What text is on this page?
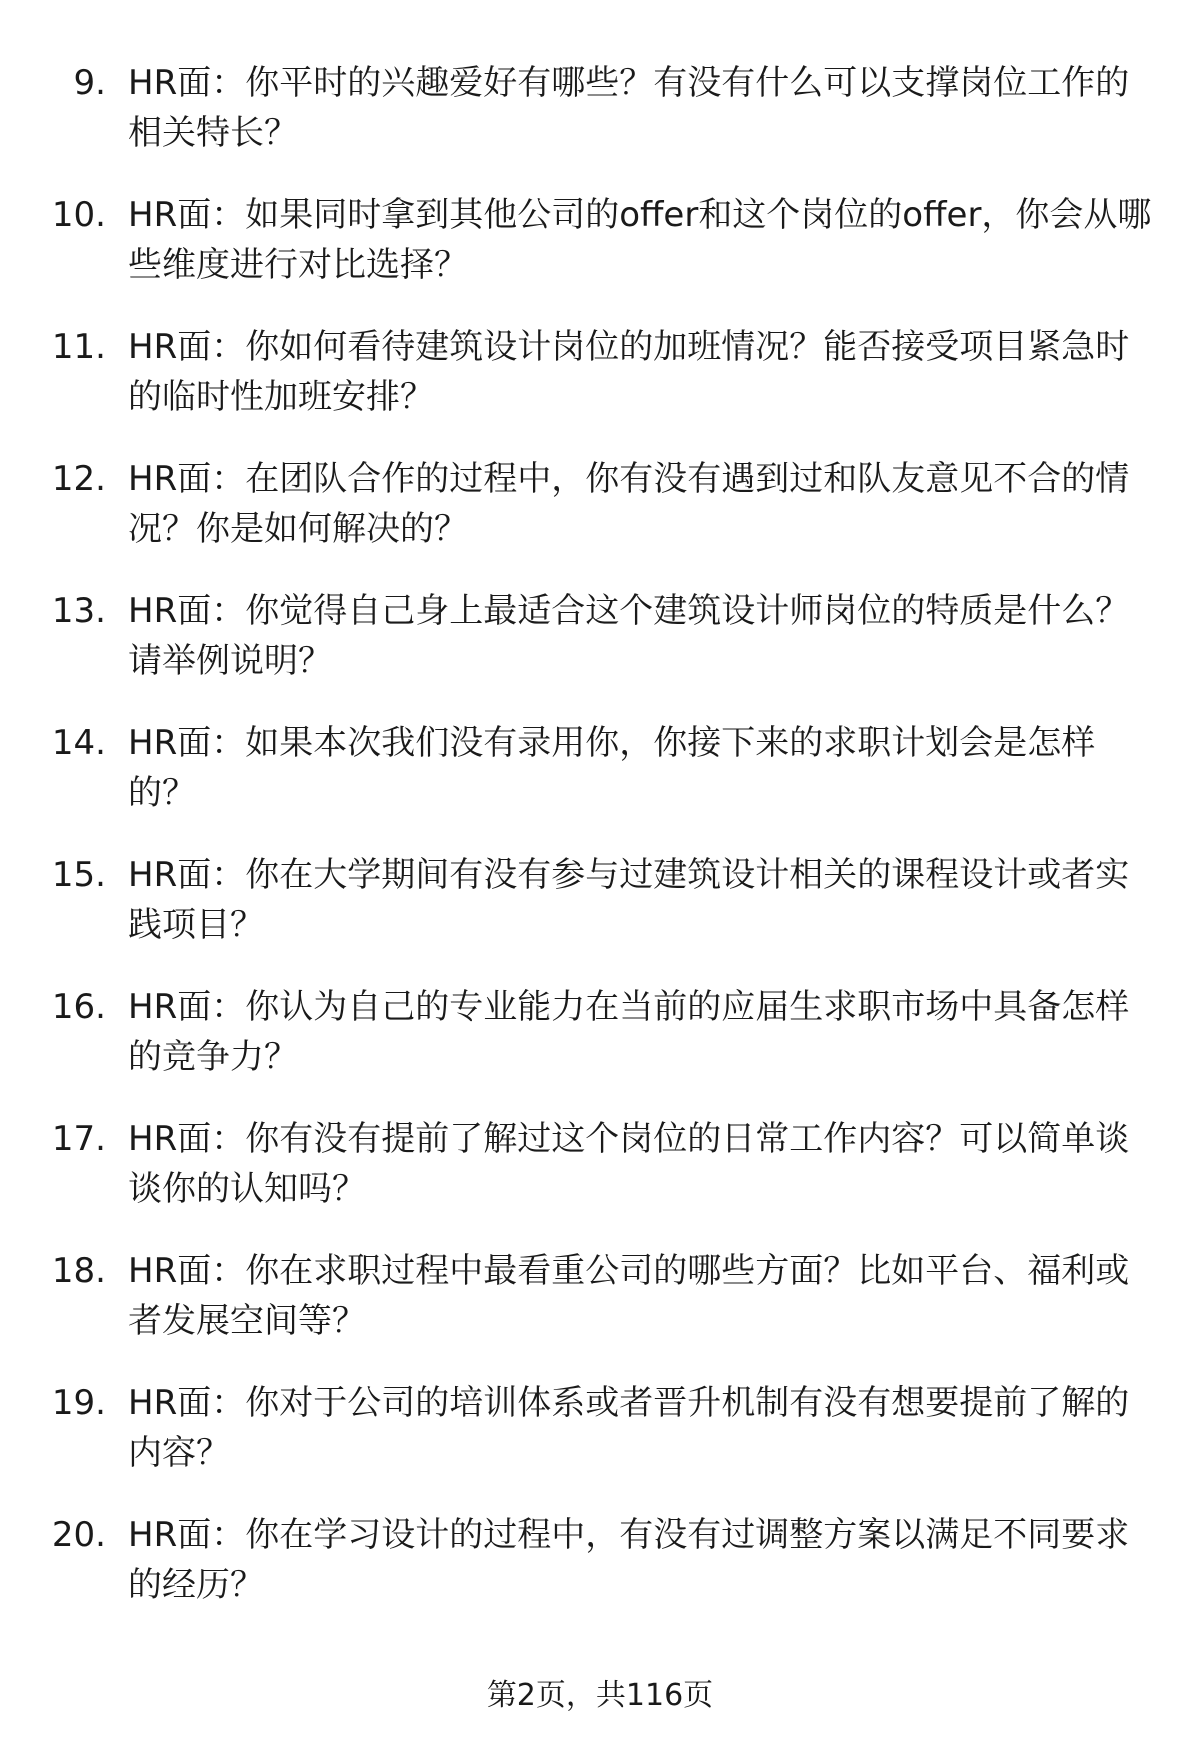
9. HR面：你平时的兴趣爱好有哪些？有没有什么可以支撑岗位工作的相关特长？
10. HR面：如果同时拿到其他公司的offer和这个岗位的offer，你会从哪些维度进行对比选择？
11. HR面：你如何看待建筑设计岗位的加班情况？能否接受项目紧急时的临时性加班安排？
12. HR面：在团队合作的过程中，你有没有遇到过和队友意见不合的情况？你是如何解决的？
13. HR面：你觉得自己身上最适合这个建筑设计师岗位的特质是什么？请举例说明？
14. HR面：如果本次我们没有录用你，你接下来的求职计划会是怎样的？
15. HR面：你在大学期间有没有参与过建筑设计相关的课程设计或者实践项目？
16. HR面：你认为自己的专业能力在当前的应届生求职市场中具备怎样的竞争力？
17. HR面：你有没有提前了解过这个岗位的日常工作内容？可以简单谈谈你的认知吗？
18. HR面：你在求职过程中最看重公司的哪些方面？比如平台、福利或者发展空间等？
19. HR面：你对于公司的培训体系或者晋升机制有没有想要提前了解的内容？
20. HR面：你在学习设计的过程中，有没有过调整方案以满足不同要求的经历？
第2页，共116页
